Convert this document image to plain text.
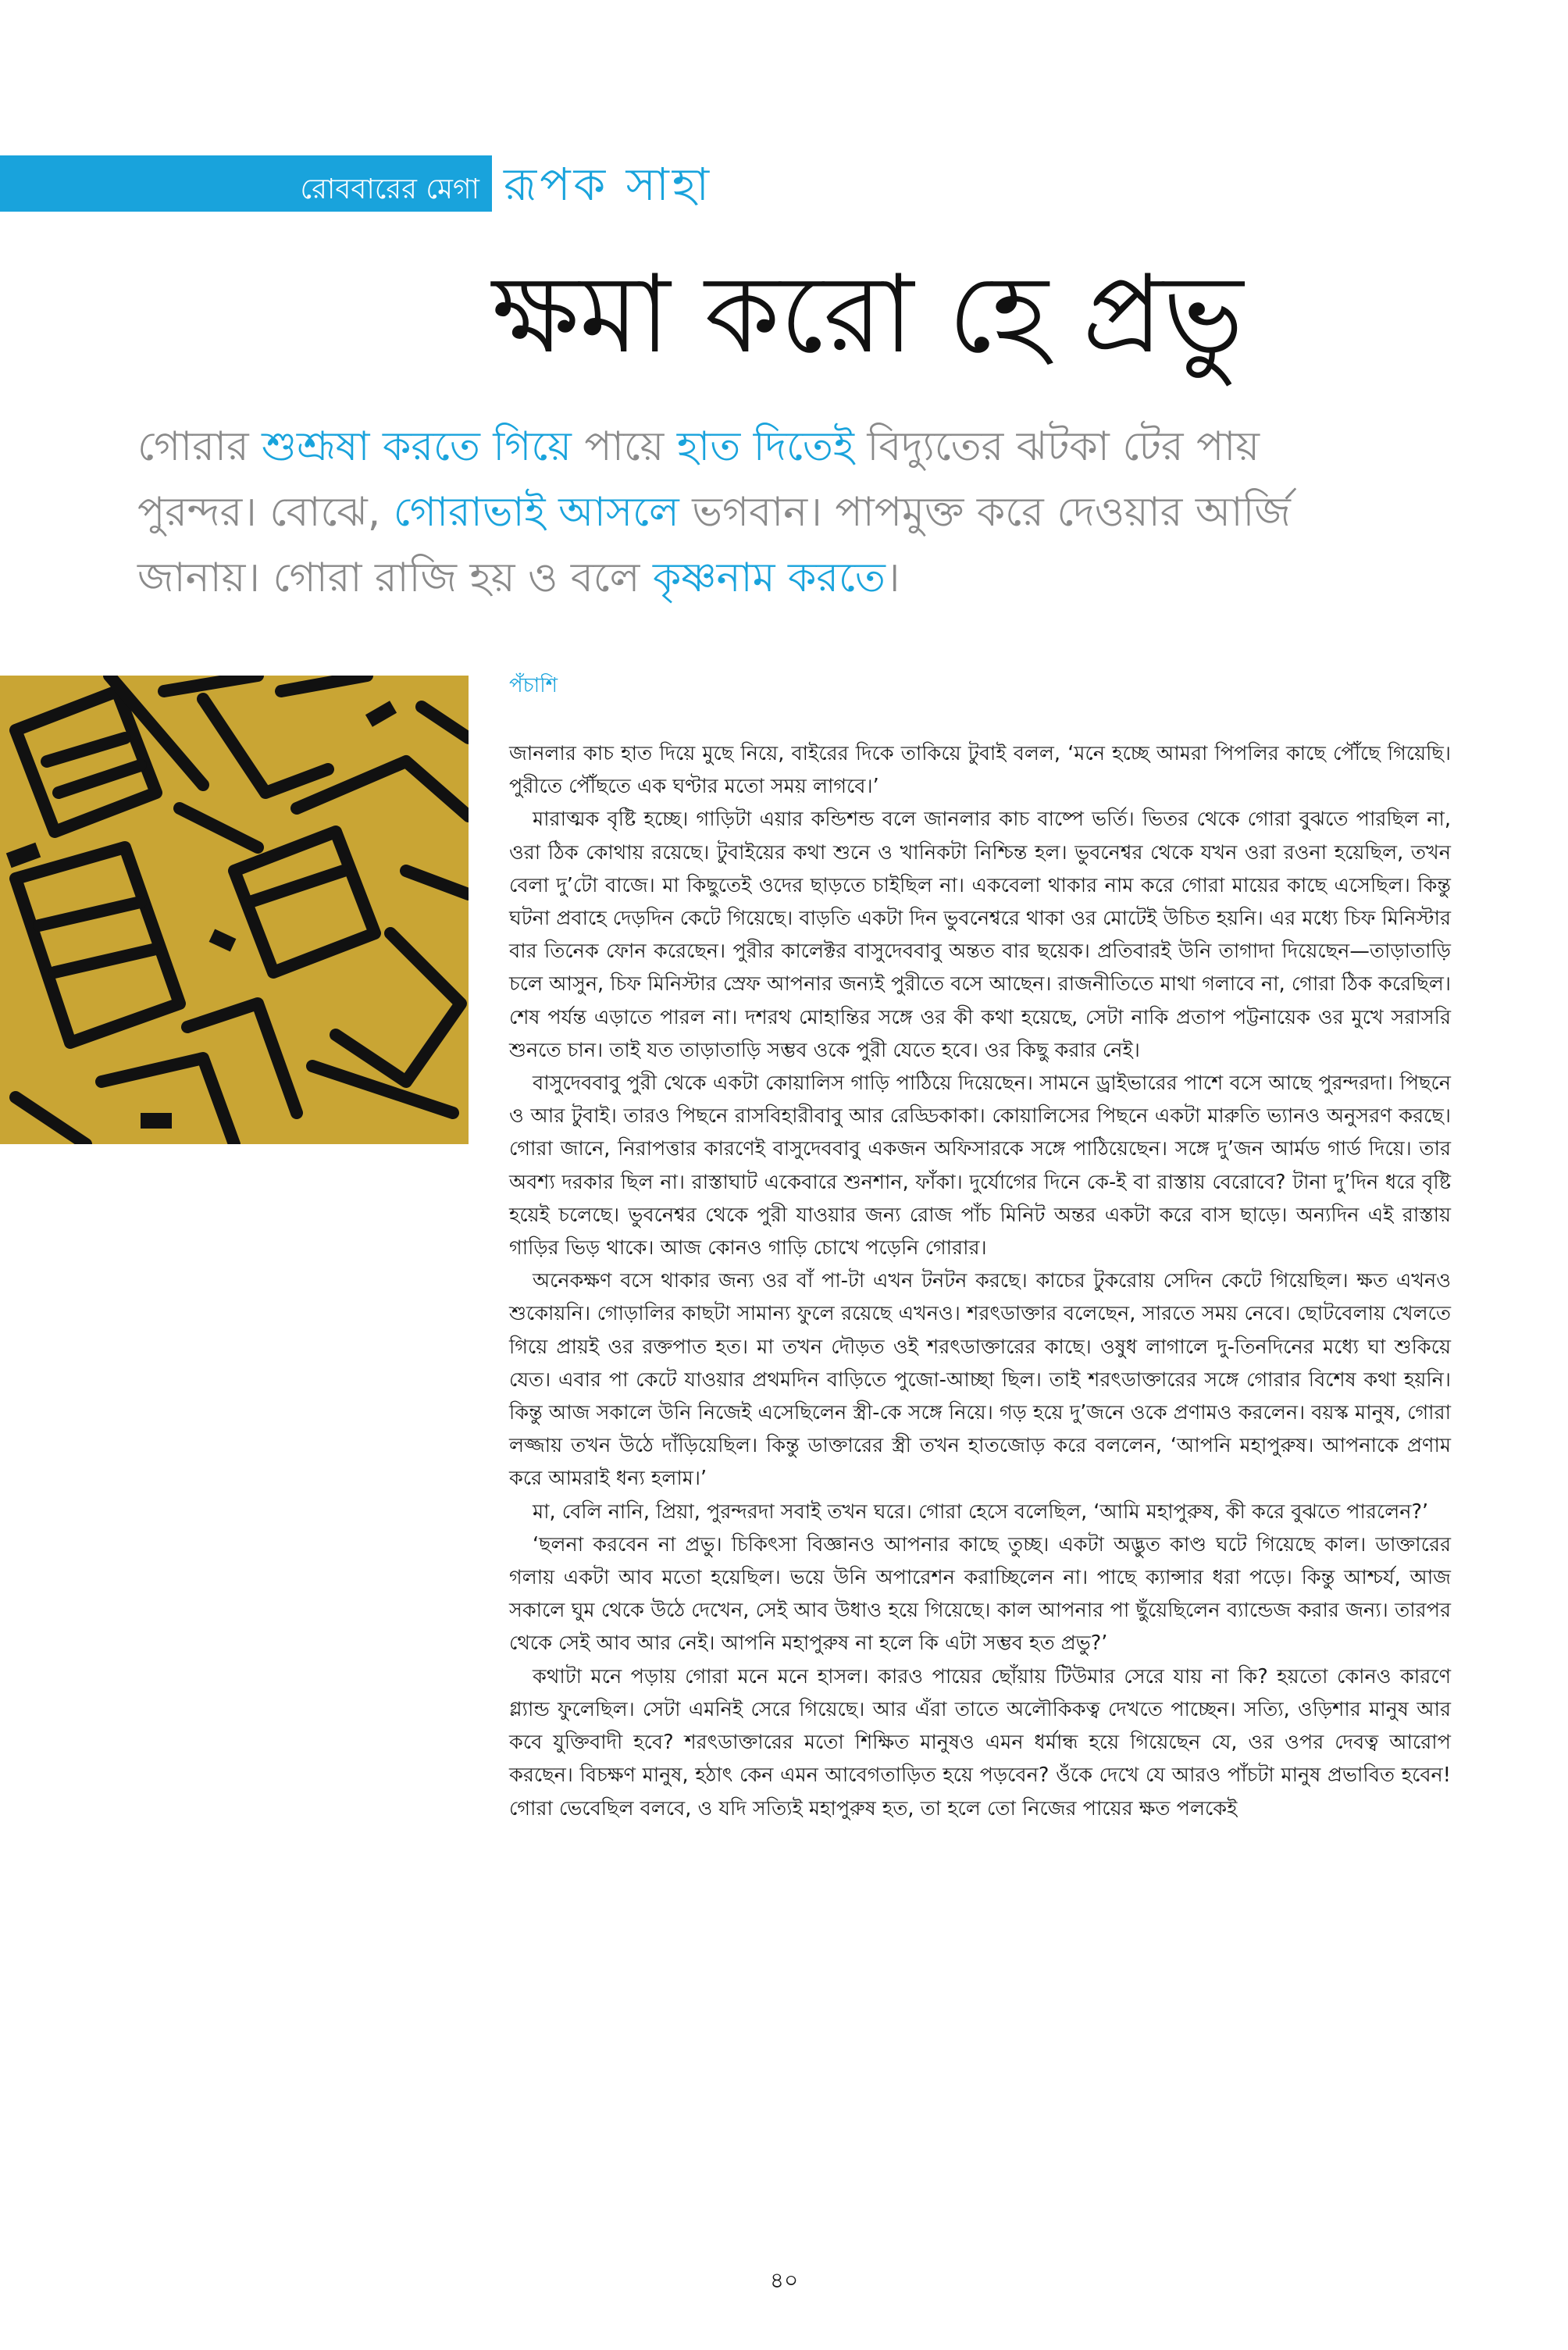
রোববারের মেগা রূপক সাহা
ক্ষমা করো হে প্রভু

গোরার শুশ্রূষা করতে গিয়ে পায়ে হাত দিতেই বিদ্যুতের ঝটকা টের পায় পুরন্দর। বোঝে, গোরাভাই আসলে ভগবান। পাপমুক্ত করে দেওয়ার আর্জি জানায়। গোরা রাজি হয় ও বলে কৃষ্ণনাম করতে।

পঁচাশি

জানলার কাচ হাত দিয়ে মুছে নিয়ে, বাইরের দিকে তাকিয়ে টুবাই বলল, ‘মনে হচ্ছে আমরা পিপলির কাছে পৌঁছে গিয়েছি। পুরীতে পৌঁছতে এক ঘণ্টার মতো সময় লাগবে।’

মারাত্মক বৃষ্টি হচ্ছে। গাড়িটা এয়ার কন্ডিশন্ড বলে জানলার কাচ বাষ্পে ভর্তি। ভিতর থেকে গোরা বুঝতে পারছিল না, ওরা ঠিক কোথায় রয়েছে। টুবাইয়ের কথা শুনে ও খানিকটা নিশ্চিন্ত হল। ভুবনেশ্বর থেকে যখন ওরা রওনা হয়েছিল, তখন বেলা দু’টো বাজে। মা কিছুতেই ওদের ছাড়তে চাইছিল না। একবেলা থাকার নাম করে গোরা মায়ের কাছে এসেছিল। কিন্তু ঘটনা প্রবাহে দেড়দিন কেটে গিয়েছে। বাড়তি একটা দিন ভুবনেশ্বরে থাকা ওর মোটেই উচিত হয়নি। এর মধ্যে চিফ মিনিস্টার বার তিনেক ফোন করেছেন। পুরীর কালেক্টর বাসুদেববাবু অন্তত বার ছয়েক। প্রতিবারই উনি তাগাদা দিয়েছেন—তাড়াতাড়ি চলে আসুন, চিফ মিনিস্টার স্রেফ আপনার জন্যই পুরীতে বসে আছেন। রাজনীতিতে মাথা গলাবে না, গোরা ঠিক করেছিল। শেষ পর্যন্ত এড়াতে পারল না। দশরথ মোহান্তির সঙ্গে ওর কী কথা হয়েছে, সেটা নাকি প্রতাপ পট্টনায়েক ওর মুখে সরাসরি শুনতে চান। তাই যত তাড়াতাড়ি সম্ভব ওকে পুরী যেতে হবে। ওর কিছু করার নেই।

বাসুদেববাবু পুরী থেকে একটা কোয়ালিস গাড়ি পাঠিয়ে দিয়েছেন। সামনে ড্রাইভারের পাশে বসে আছে পুরন্দরদা। পিছনে ও আর টুবাই। তারও পিছনে রাসবিহারীবাবু আর রেড্ডিকাকা। কোয়ালিসের পিছনে একটা মারুতি ভ্যানও অনুসরণ করছে। গোরা জানে, নিরাপত্তার কারণেই বাসুদেববাবু একজন অফিসারকে সঙ্গে পাঠিয়েছেন। সঙ্গে দু’জন আর্মড গার্ড দিয়ে। তার অবশ্য দরকার ছিল না। রাস্তাঘাট একেবারে শুনশান, ফাঁকা। দুর্যোগের দিনে কে-ই বা রাস্তায় বেরোবে? টানা দু’দিন ধরে বৃষ্টি হয়েই চলেছে। ভুবনেশ্বর থেকে পুরী যাওয়ার জন্য রোজ পাঁচ মিনিট অন্তর একটা করে বাস ছাড়ে। অন্যদিন এই রাস্তায় গাড়ির ভিড় থাকে। আজ কোনও গাড়ি চোখে পড়েনি গোরার।

অনেকক্ষণ বসে থাকার জন্য ওর বাঁ পা-টা এখন টনটন করছে। কাচের টুকরোয় সেদিন কেটে গিয়েছিল। ক্ষত এখনও শুকোয়নি। গোড়ালির কাছটা সামান্য ফুলে রয়েছে এখনও। শরৎডাক্তার বলেছেন, সারতে সময় নেবে। ছোটবেলায় খেলতে গিয়ে প্রায়ই ওর রক্তপাত হত। মা তখন দৌড়ত ওই শরৎডাক্তারের কাছে। ওষুধ লাগালে দু-তিনদিনের মধ্যে ঘা শুকিয়ে যেত। এবার পা কেটে যাওয়ার প্রথমদিন বাড়িতে পুজো-আচ্ছা ছিল। তাই শরৎডাক্তারের সঙ্গে গোরার বিশেষ কথা হয়নি। কিন্তু আজ সকালে উনি নিজেই এসেছিলেন স্ত্রী-কে সঙ্গে নিয়ে। গড় হয়ে দু’জনে ওকে প্রণামও করলেন। বয়স্ক মানুষ, গোরা লজ্জায় তখন উঠে দাঁড়িয়েছিল। কিন্তু ডাক্তারের স্ত্রী তখন হাতজোড় করে বললেন, ‘আপনি মহাপুরুষ। আপনাকে প্রণাম করে আমরাই ধন্য হলাম।’

মা, বেলি নানি, প্রিয়া, পুরন্দরদা সবাই তখন ঘরে। গোরা হেসে বলেছিল, ‘আমি মহাপুরুষ, কী করে বুঝতে পারলেন?’

‘ছলনা করবেন না প্রভু। চিকিৎসা বিজ্ঞানও আপনার কাছে তুচ্ছ। একটা অদ্ভুত কাণ্ড ঘটে গিয়েছে কাল। ডাক্তারের গলায় একটা আব মতো হয়েছিল। ভয়ে উনি অপারেশন করাচ্ছিলেন না। পাছে ক্যান্সার ধরা পড়ে। কিন্তু আশ্চর্য, আজ সকালে ঘুম থেকে উঠে দেখেন, সেই আব উধাও হয়ে গিয়েছে। কাল আপনার পা ছুঁয়েছিলেন ব্যান্ডেজ করার জন্য। তারপর থেকে সেই আব আর নেই। আপনি মহাপুরুষ না হলে কি এটা সম্ভব হত প্রভু?’

কথাটা মনে পড়ায় গোরা মনে মনে হাসল। কারও পায়ের ছোঁয়ায় টিউমার সেরে যায় না কি? হয়তো কোনও কারণে গ্ল্যান্ড ফুলেছিল। সেটা এমনিই সেরে গিয়েছে। আর এঁরা তাতে অলৌকিকত্ব দেখতে পাচ্ছেন। সত্যি, ওড়িশার মানুষ আর কবে যুক্তিবাদী হবে? শরৎডাক্তারের মতো শিক্ষিত মানুষও এমন ধর্মান্ধ হয়ে গিয়েছেন যে, ওর ওপর দেবত্ব আরোপ করছেন। বিচক্ষণ মানুষ, হঠাৎ কেন এমন আবেগতাড়িত হয়ে পড়বেন? ওঁকে দেখে যে আরও পাঁচটা মানুষ প্রভাবিত হবেন! গোরা ভেবেছিল বলবে, ও যদি সত্যিই মহাপুরুষ হত, তা হলে তো নিজের পায়ের ক্ষত পলকেই

৪০
